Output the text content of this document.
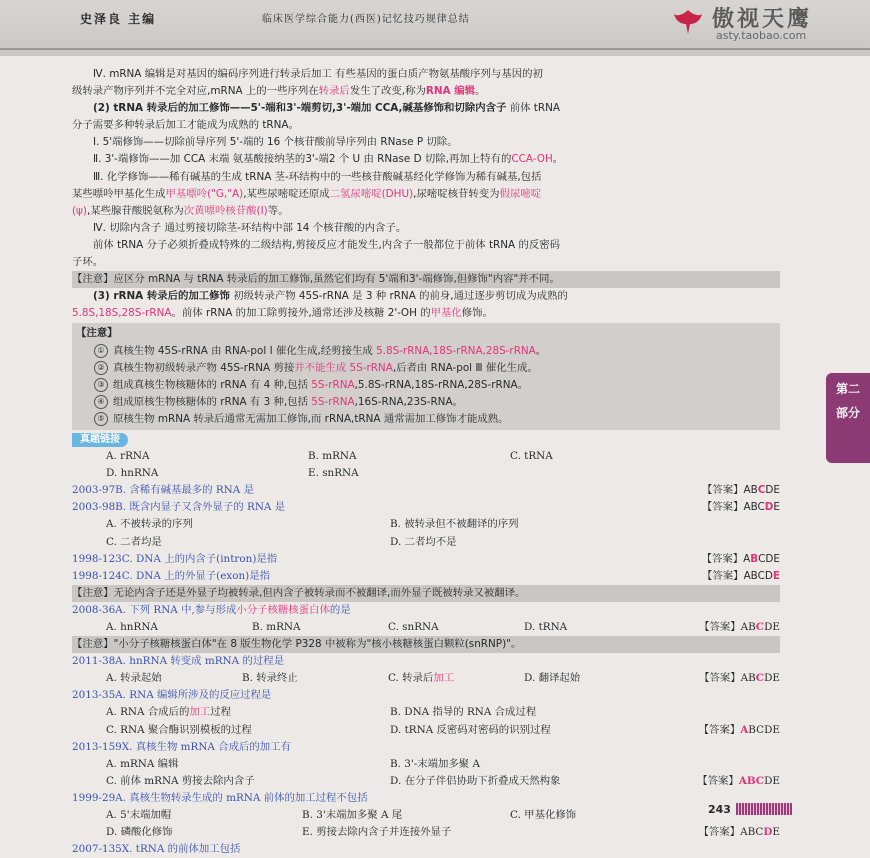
史泽良 主编	临床医学综合能力(西医)记忆技巧规律总结	傲视天鹰
asty.taobao.com
Ⅳ. mRNA 编辑是对基因的编码序列进行转录后加工 有些基因的蛋白质产物氨基酸序列与基因的初
级转录产物序列并不完全对应,mRNA 上的一些序列在转录后发生了改变,称为RNA 编辑。
(2) tRNA 转录后的加工修饰——5'-端和3'-端剪切,3'-端加 CCA,碱基修饰和切除内含子 前体 tRNA
分子需要多种转录后加工才能成为成熟的 tRNA。
Ⅰ. 5'端修饰——切除前导序列 5'-端的 16 个核苷酸前导序列由 RNase P 切除。
Ⅱ. 3'-端修饰——加 CCA 末端 氨基酸接纳茎的3'-端2 个 U 由 RNase D 切除,再加上特有的CCA-OH。
Ⅲ. 化学修饰——稀有碱基的生成 tRNA 茎-环结构中的一些核苷酸碱基经化学修饰为稀有碱基,包括
某些嘌呤甲基化生成甲基嘌呤("G,"A),某些尿嘧啶还原成二氢尿嘧啶(DHU),尿嘧啶核苷转变为假尿嘧啶
(ψ),某些腺苷酸脱氨称为次黄嘌呤核苷酸(I)等。
Ⅳ. 切除内含子 通过剪接切除茎-环结构中部 14 个核苷酸的内含子。
前体 tRNA 分子必须折叠成特殊的二级结构,剪接反应才能发生,内含子一般都位于前体 tRNA 的反密码
子环。
【注意】应区分 mRNA 与 tRNA 转录后的加工修饰,虽然它们均有 5'端和3'-端修饰,但修饰"内容"并不同。
(3) rRNA 转录后的加工修饰 初级转录产物 45S-rRNA 是 3 种 rRNA 的前身,通过逐步剪切成为成熟的
5.8S,18S,28S-rRNA。前体 rRNA 的加工除剪接外,通常还涉及核糖 2'-OH 的甲基化修饰。
【注意】
① 真核生物 45S-rRNA 由 RNA-pol Ⅰ 催化生成,经剪接生成 5.8S-rRNA,18S-rRNA,28S-rRNA。
② 真核生物初级转录产物 45S-rRNA 剪接并不能生成 5S-rRNA,后者由 RNA-pol Ⅲ 催化生成。
③ 组成真核生物核糖体的 rRNA 有 4 种,包括 5S-rRNA,5.8S-rRNA,18S-rRNA,28S-rRNA。
④ 组成原核生物核糖体的 rRNA 有 3 种,包括 5S-rRNA,16S-RNA,23S-RNA。
⑤ 原核生物 mRNA 转录后通常无需加工修饰,而 rRNA,tRNA 通常需加工修饰才能成熟。
真题链接
A. rRNA	B. mRNA	C. tRNA
D. hnRNA	E. snRNA
2003-97B. 含稀有碱基最多的 RNA 是	【答案】ABCDE
2003-98B. 既含内显子又含外显子的 RNA 是	【答案】ABCDE
A. 不被转录的序列	B. 被转录但不被翻译的序列
C. 二者均是	D. 二者均不是
1998-123C. DNA 上的内含子(intron)是指	【答案】ABCDE
1998-124C. DNA 上的外显子(exon)是指	【答案】ABCDE
【注意】无论内含子还是外显子均被转录,但内含子被转录而不被翻译,而外显子既被转录又被翻译。
2008-36A. 下列 RNA 中,参与形成小分子核糖核蛋白体的是
A. hnRNA	B. mRNA	C. snRNA	D. tRNA	【答案】ABCDE
【注意】"小分子核糖核蛋白体"在 8 版生物化学 P328 中被称为"核小核糖核蛋白颗粒(snRNP)"。
2011-38A. hnRNA 转变成 mRNA 的过程是
A. 转录起始	B. 转录终止	C. 转录后加工	D. 翻译起始	【答案】ABCDE
2013-35A. RNA 编辑所涉及的反应过程是
A. RNA 合成后的加工过程	B. DNA 指导的 RNA 合成过程
C. RNA 聚合酶识别模板的过程	D. tRNA 反密码对密码的识别过程	【答案】ABCDE
2013-159X. 真核生物 mRNA 合成后的加工有
A. mRNA 编辑	B. 3'-末端加多聚 A
C. 前体 mRNA 剪接去除内含子	D. 在分子伴侣协助下折叠成天然构象	【答案】ABCDE
1999-29A. 真核生物转录生成的 mRNA 前体的加工过程不包括
A. 5'末端加帽	B. 3'末端加多聚 A 尾	C. 甲基化修饰
D. 磷酸化修饰	E. 剪接去除内含子并连接外显子	【答案】ABCDE
2007-135X. tRNA 的前体加工包括
第二
部分
243
